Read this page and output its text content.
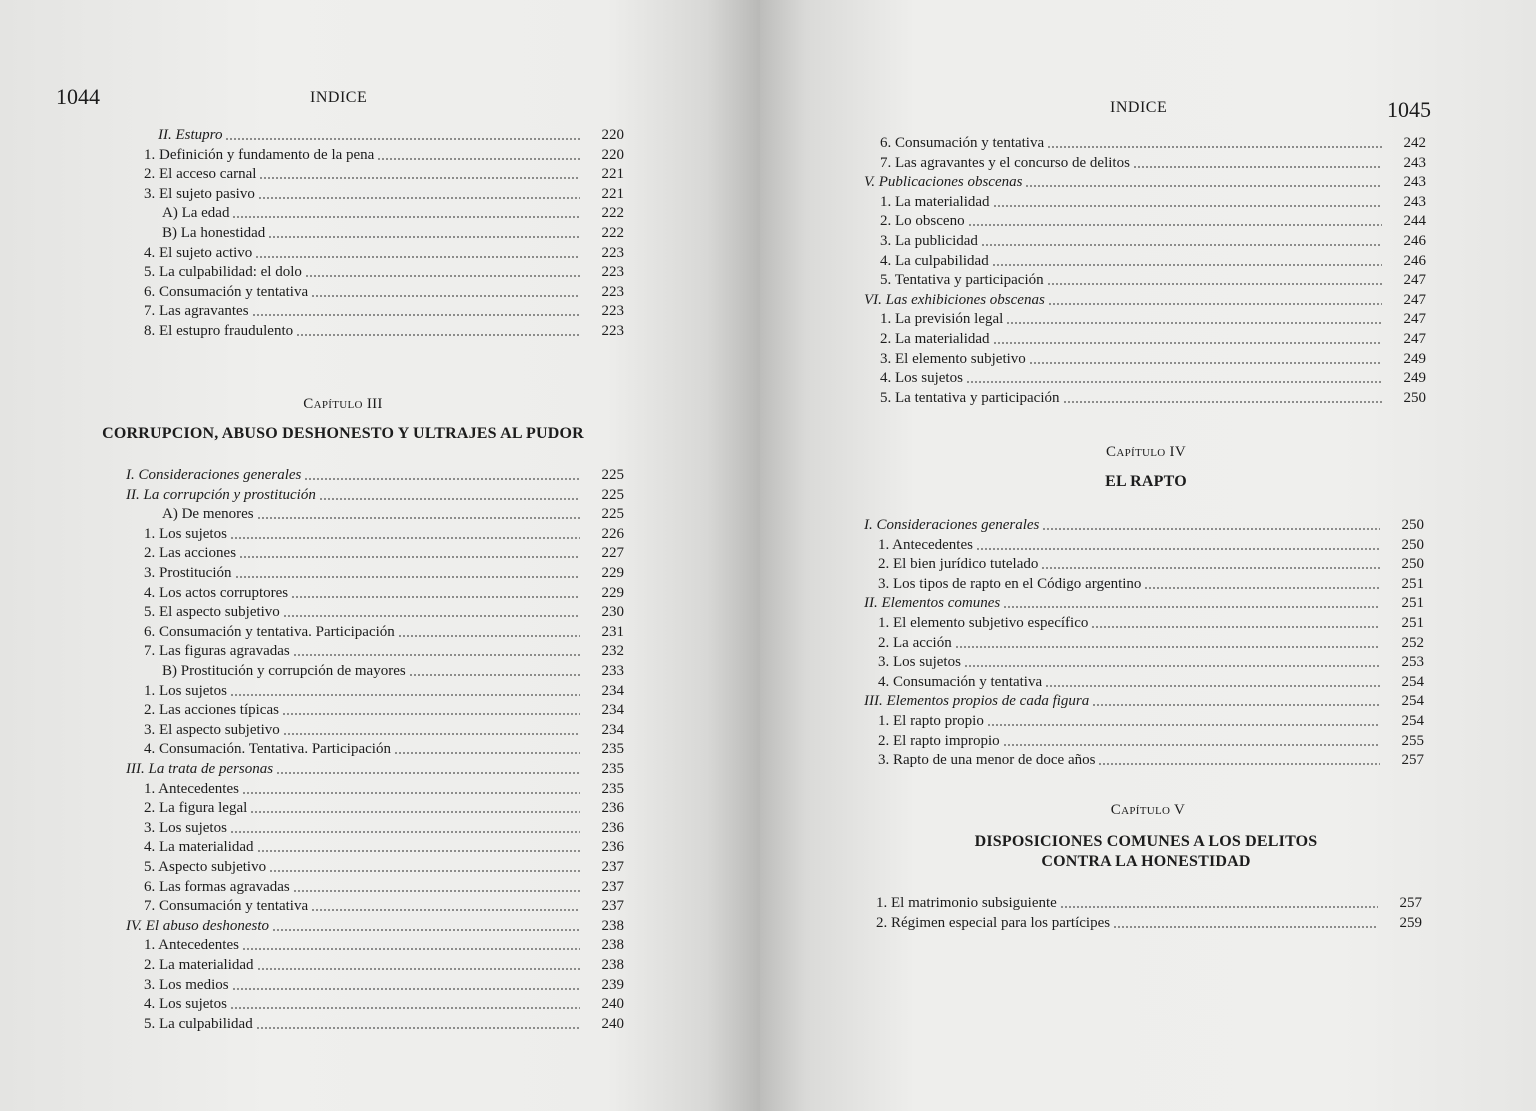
1044	INDICE
II. Estupro	220
1. Definición y fundamento de la pena	220
2. El acceso carnal	221
3. El sujeto pasivo	221
A) La edad	222
B) La honestidad	222
4. El sujeto activo	223
5. La culpabilidad: el dolo	223
6. Consumación y tentativa	223
7. Las agravantes	223
8. El estupro fraudulento	223
CAPÍTULO III
CORRUPCION, ABUSO DESHONESTO Y ULTRAJES AL PUDOR
I. Consideraciones generales	225
II. La corrupción y prostitución	225
A) De menores	225
1. Los sujetos	226
2. Las acciones	227
3. Prostitución	229
4. Los actos corruptores	229
5. El aspecto subjetivo	230
6. Consumación y tentativa. Participación	231
7. Las figuras agravadas	232
B) Prostitución y corrupción de mayores	233
1. Los sujetos	234
2. Las acciones típicas	234
3. El aspecto subjetivo	234
4. Consumación. Tentativa. Participación	235
III. La trata de personas	235
1. Antecedentes	235
2. La figura legal	236
3. Los sujetos	236
4. La materialidad	236
5. Aspecto subjetivo	237
6. Las formas agravadas	237
7. Consumación y tentativa	237
IV. El abuso deshonesto	238
1. Antecedentes	238
2. La materialidad	238
3. Los medios	239
4. Los sujetos	240
5. La culpabilidad	240
INDICE	1045
6. Consumación y tentativa	242
7. Las agravantes y el concurso de delitos	243
V. Publicaciones obscenas	243
1. La materialidad	243
2. Lo obsceno	244
3. La publicidad	246
4. La culpabilidad	246
5. Tentativa y participación	247
VI. Las exhibiciones obscenas	247
1. La previsión legal	247
2. La materialidad	247
3. El elemento subjetivo	249
4. Los sujetos	249
5. La tentativa y participación	250
CAPÍTULO IV
EL RAPTO
I. Consideraciones generales	250
1. Antecedentes	250
2. El bien jurídico tutelado	250
3. Los tipos de rapto en el Código argentino	251
II. Elementos comunes	251
1. El elemento subjetivo específico	251
2. La acción	252
3. Los sujetos	253
4. Consumación y tentativa	254
III. Elementos propios de cada figura	254
1. El rapto propio	254
2. El rapto impropio	255
3. Rapto de una menor de doce años	257
CAPÍTULO V
DISPOSICIONES COMUNES A LOS DELITOS
CONTRA LA HONESTIDAD
1. El matrimonio subsiguiente	257
2. Régimen especial para los partícipes	259
